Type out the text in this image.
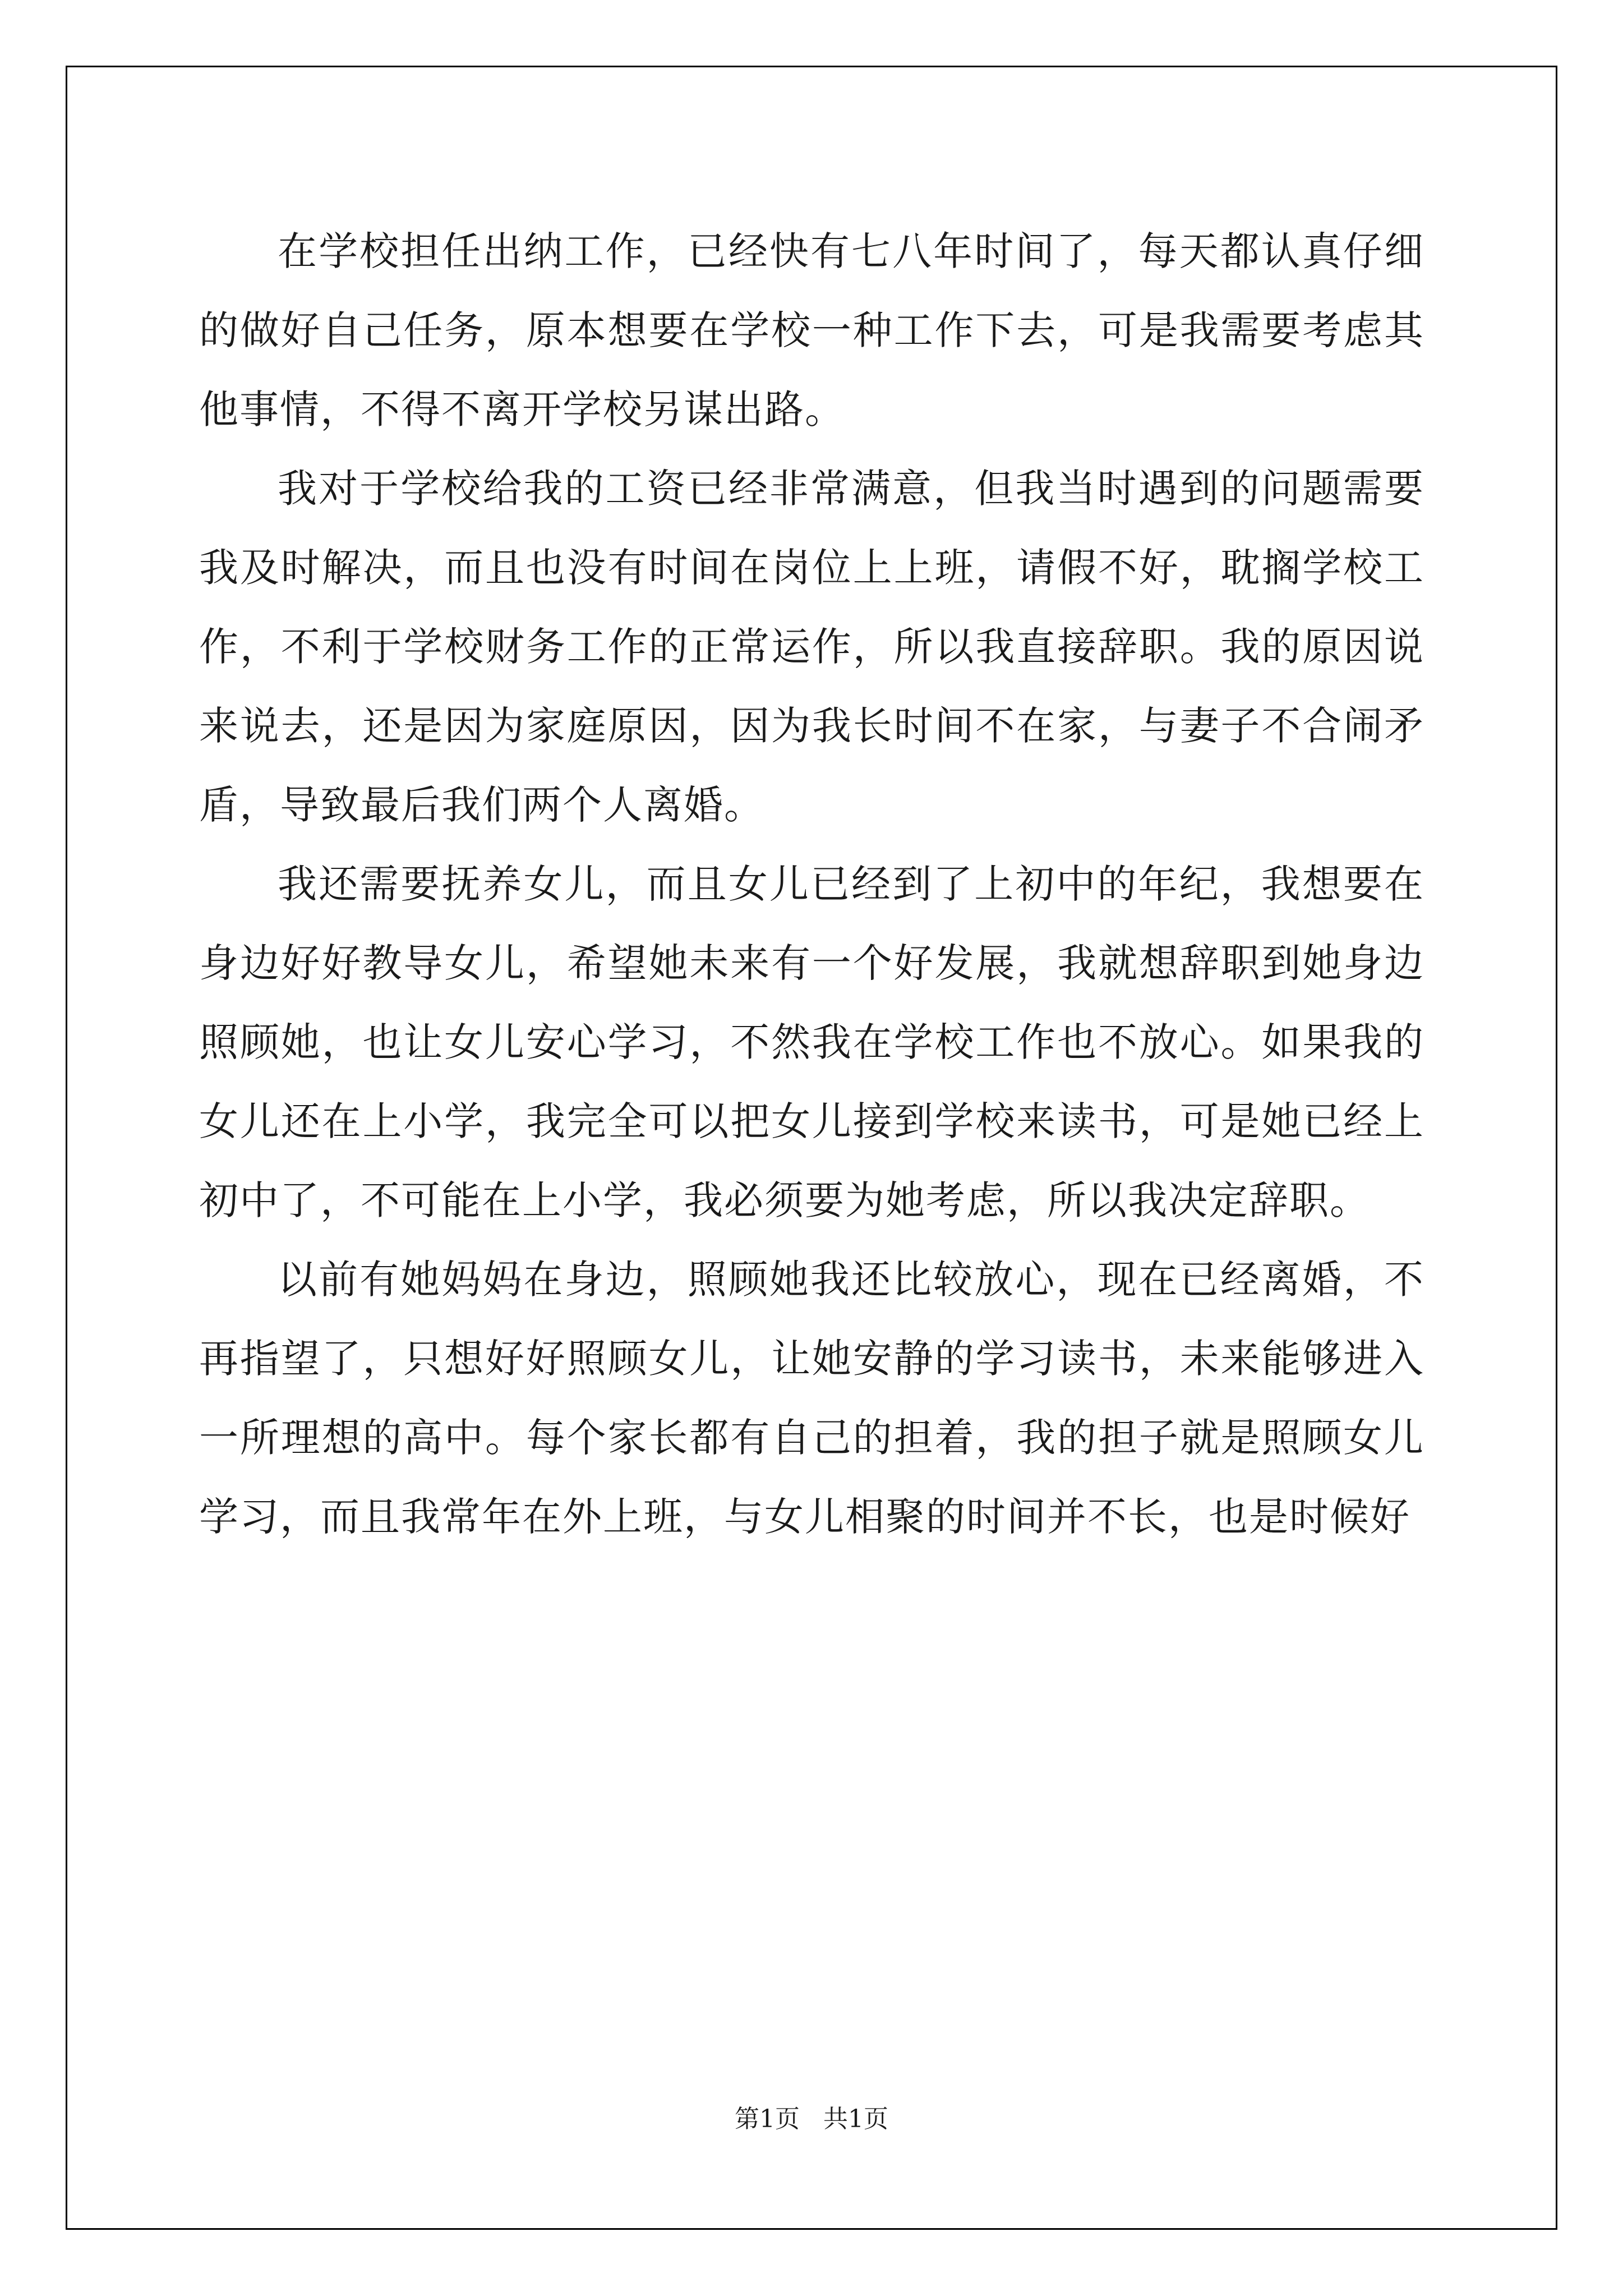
在学校担任出纳工作，已经快有七八年时间了，每天都认真仔细的做好自己任务，原本想要在学校一种工作下去，可是我需要考虑其他事情，不得不离开学校另谋出路。

我对于学校给我的工资已经非常满意，但我当时遇到的问题需要我及时解决，而且也没有时间在岗位上上班，请假不好，耽搁学校工作，不利于学校财务工作的正常运作，所以我直接辞职。我的原因说来说去，还是因为家庭原因，因为我长时间不在家，与妻子不合闹矛盾，导致最后我们两个人离婚。

我还需要抚养女儿，而且女儿已经到了上初中的年纪，我想要在身边好好教导女儿，希望她未来有一个好发展，我就想辞职到她身边照顾她，也让女儿安心学习，不然我在学校工作也不放心。如果我的女儿还在上小学，我完全可以把女儿接到学校来读书，可是她已经上初中了，不可能在上小学，我必须要为她考虑，所以我决定辞职。

以前有她妈妈在身边，照顾她我还比较放心，现在已经离婚，不再指望了，只想好好照顾女儿，让她安静的学习读书，未来能够进入一所理想的高中。每个家长都有自己的担着，我的担子就是照顾女儿学习，而且我常年在外上班，与女儿相聚的时间并不长，也是时候好

第1页 共1页
